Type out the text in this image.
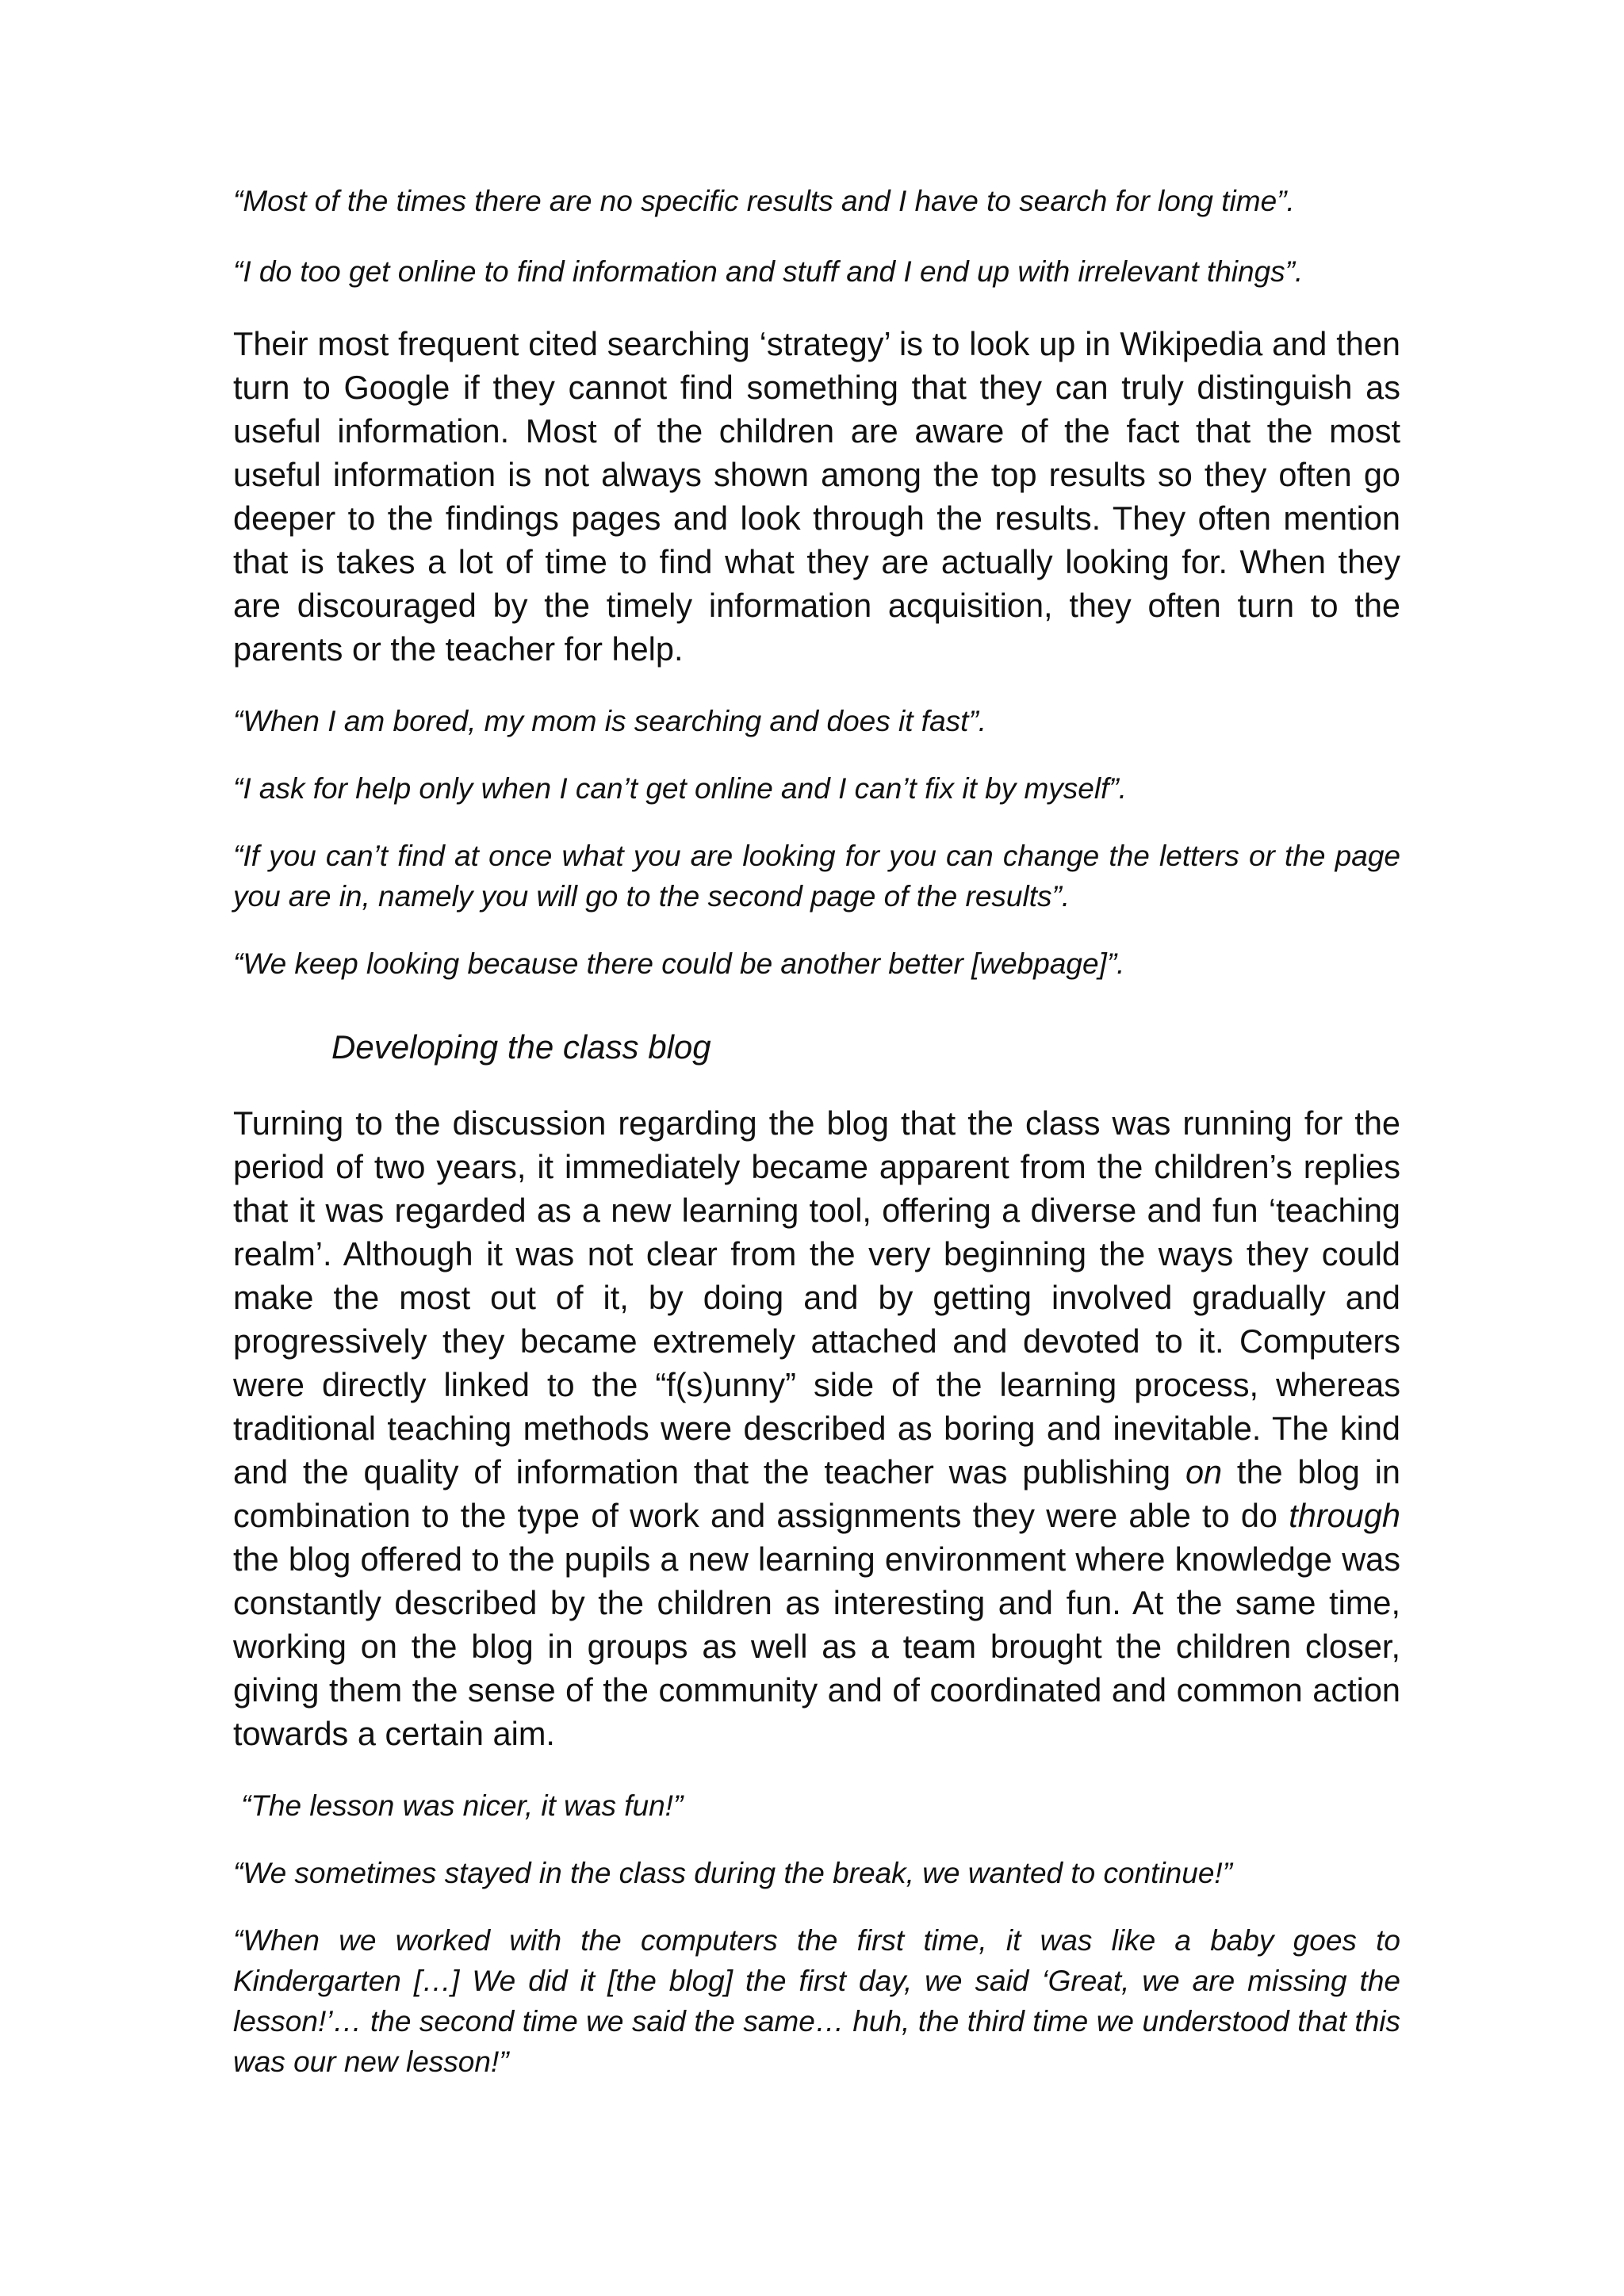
“Most of the times there are no specific results and I have to search for long time”.

“I do too get online to find information and stuff and I end up with irrelevant things”.

Their most frequent cited searching ‘strategy’ is to look up in Wikipedia and then turn to Google if they cannot find something that they can truly distinguish as useful information. Most of the children are aware of the fact that the most useful information is not always shown among the top results so they often go deeper to the findings pages and look through the results. They often mention that is takes a lot of time to find what they are actually looking for. When they are discouraged by the timely information acquisition, they often turn to the parents or the teacher for help.

“When I am bored, my mom is searching and does it fast”.

“I ask for help only when I can’t get online and I can’t fix it by myself”.

“If you can’t find at once what you are looking for you can change the letters or the page you are in, namely you will go to the second page of the results”.

“We keep looking because there could be another better [webpage]”.

Developing the class blog

Turning to the discussion regarding the blog that the class was running for the period of two years, it immediately became apparent from the children’s replies that it was regarded as a new learning tool, offering a diverse and fun ‘teaching realm’. Although it was not clear from the very beginning the ways they could make the most out of it, by doing and by getting involved gradually and progressively they became extremely attached and devoted to it. Computers were directly linked to the “f(s)unny” side of the learning process, whereas traditional teaching methods were described as boring and inevitable. The kind and the quality of information that the teacher was publishing on the blog in combination to the type of work and assignments they were able to do through the blog offered to the pupils a new learning environment where knowledge was constantly described by the children as interesting and fun. At the same time, working on the blog in groups as well as a team brought the children closer, giving them the sense of the community and of coordinated and common action towards a certain aim.

“The lesson was nicer, it was fun!”

“We sometimes stayed in the class during the break, we wanted to continue!”

“When we worked with the computers the first time, it was like a baby goes to Kindergarten […] We did it [the blog] the first day, we said ‘Great, we are missing the lesson!’… the second time we said the same… huh, the third time we understood that this was our new lesson!”
